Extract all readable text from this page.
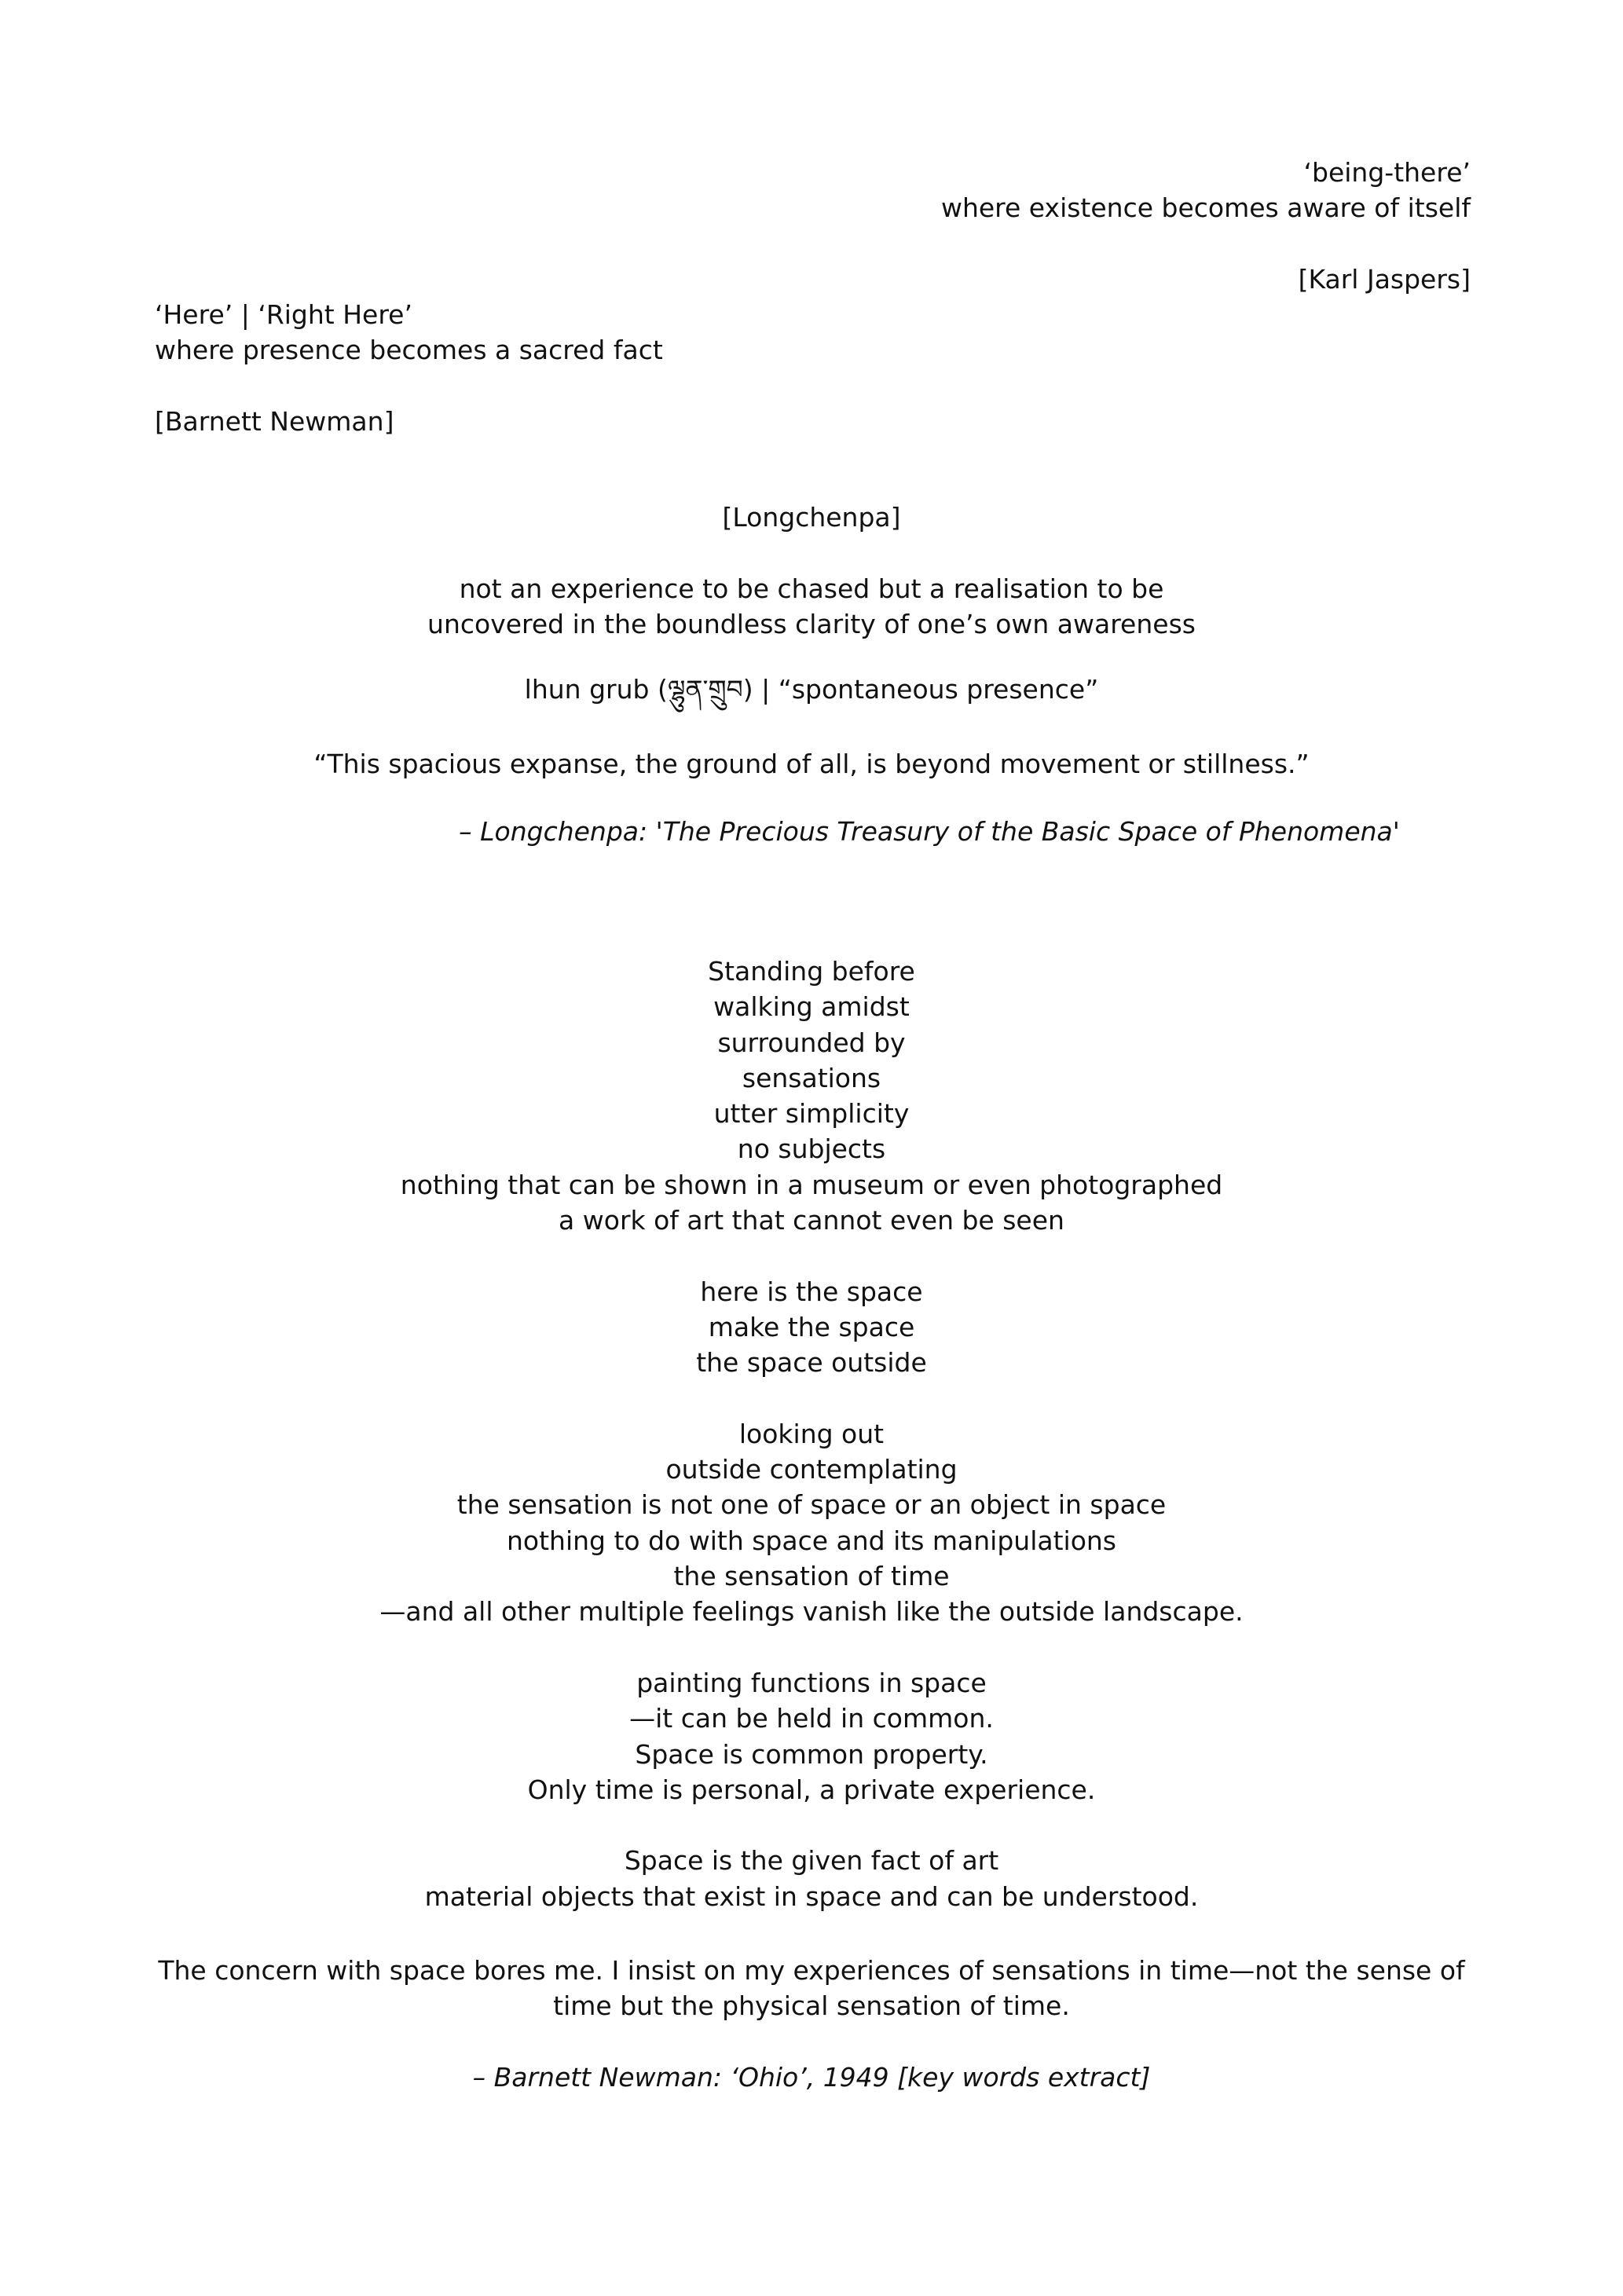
‘being-there’
where existence becomes aware of itself
[Karl Jaspers]
‘Here’ | ‘Right Here’
where presence becomes a sacred fact
[Barnett Newman]
[Longchenpa]
not an experience to be chased but a realisation to be
uncovered in the boundless clarity of one’s own awareness
lhun grub (ལྷུན་གྲུབ) | “spontaneous presence”
“This spacious expanse, the ground of all, is beyond movement or stillness.”
– Longchenpa: 'The Precious Treasury of the Basic Space of Phenomena'
Standing before
walking amidst
surrounded by
sensations
utter simplicity
no subjects
nothing that can be shown in a museum or even photographed
a work of art that cannot even be seen
here is the space
make the space
the space outside
looking out
outside contemplating
the sensation is not one of space or an object in space
nothing to do with space and its manipulations
the sensation of time
—and all other multiple feelings vanish like the outside landscape.
painting functions in space
—it can be held in common.
Space is common property.
Only time is personal, a private experience.
Space is the given fact of art
material objects that exist in space and can be understood.
The concern with space bores me. I insist on my experiences of sensations in time—not the sense of time but the physical sensation of time.
– Barnett Newman: ‘Ohio’, 1949 [key words extract]
